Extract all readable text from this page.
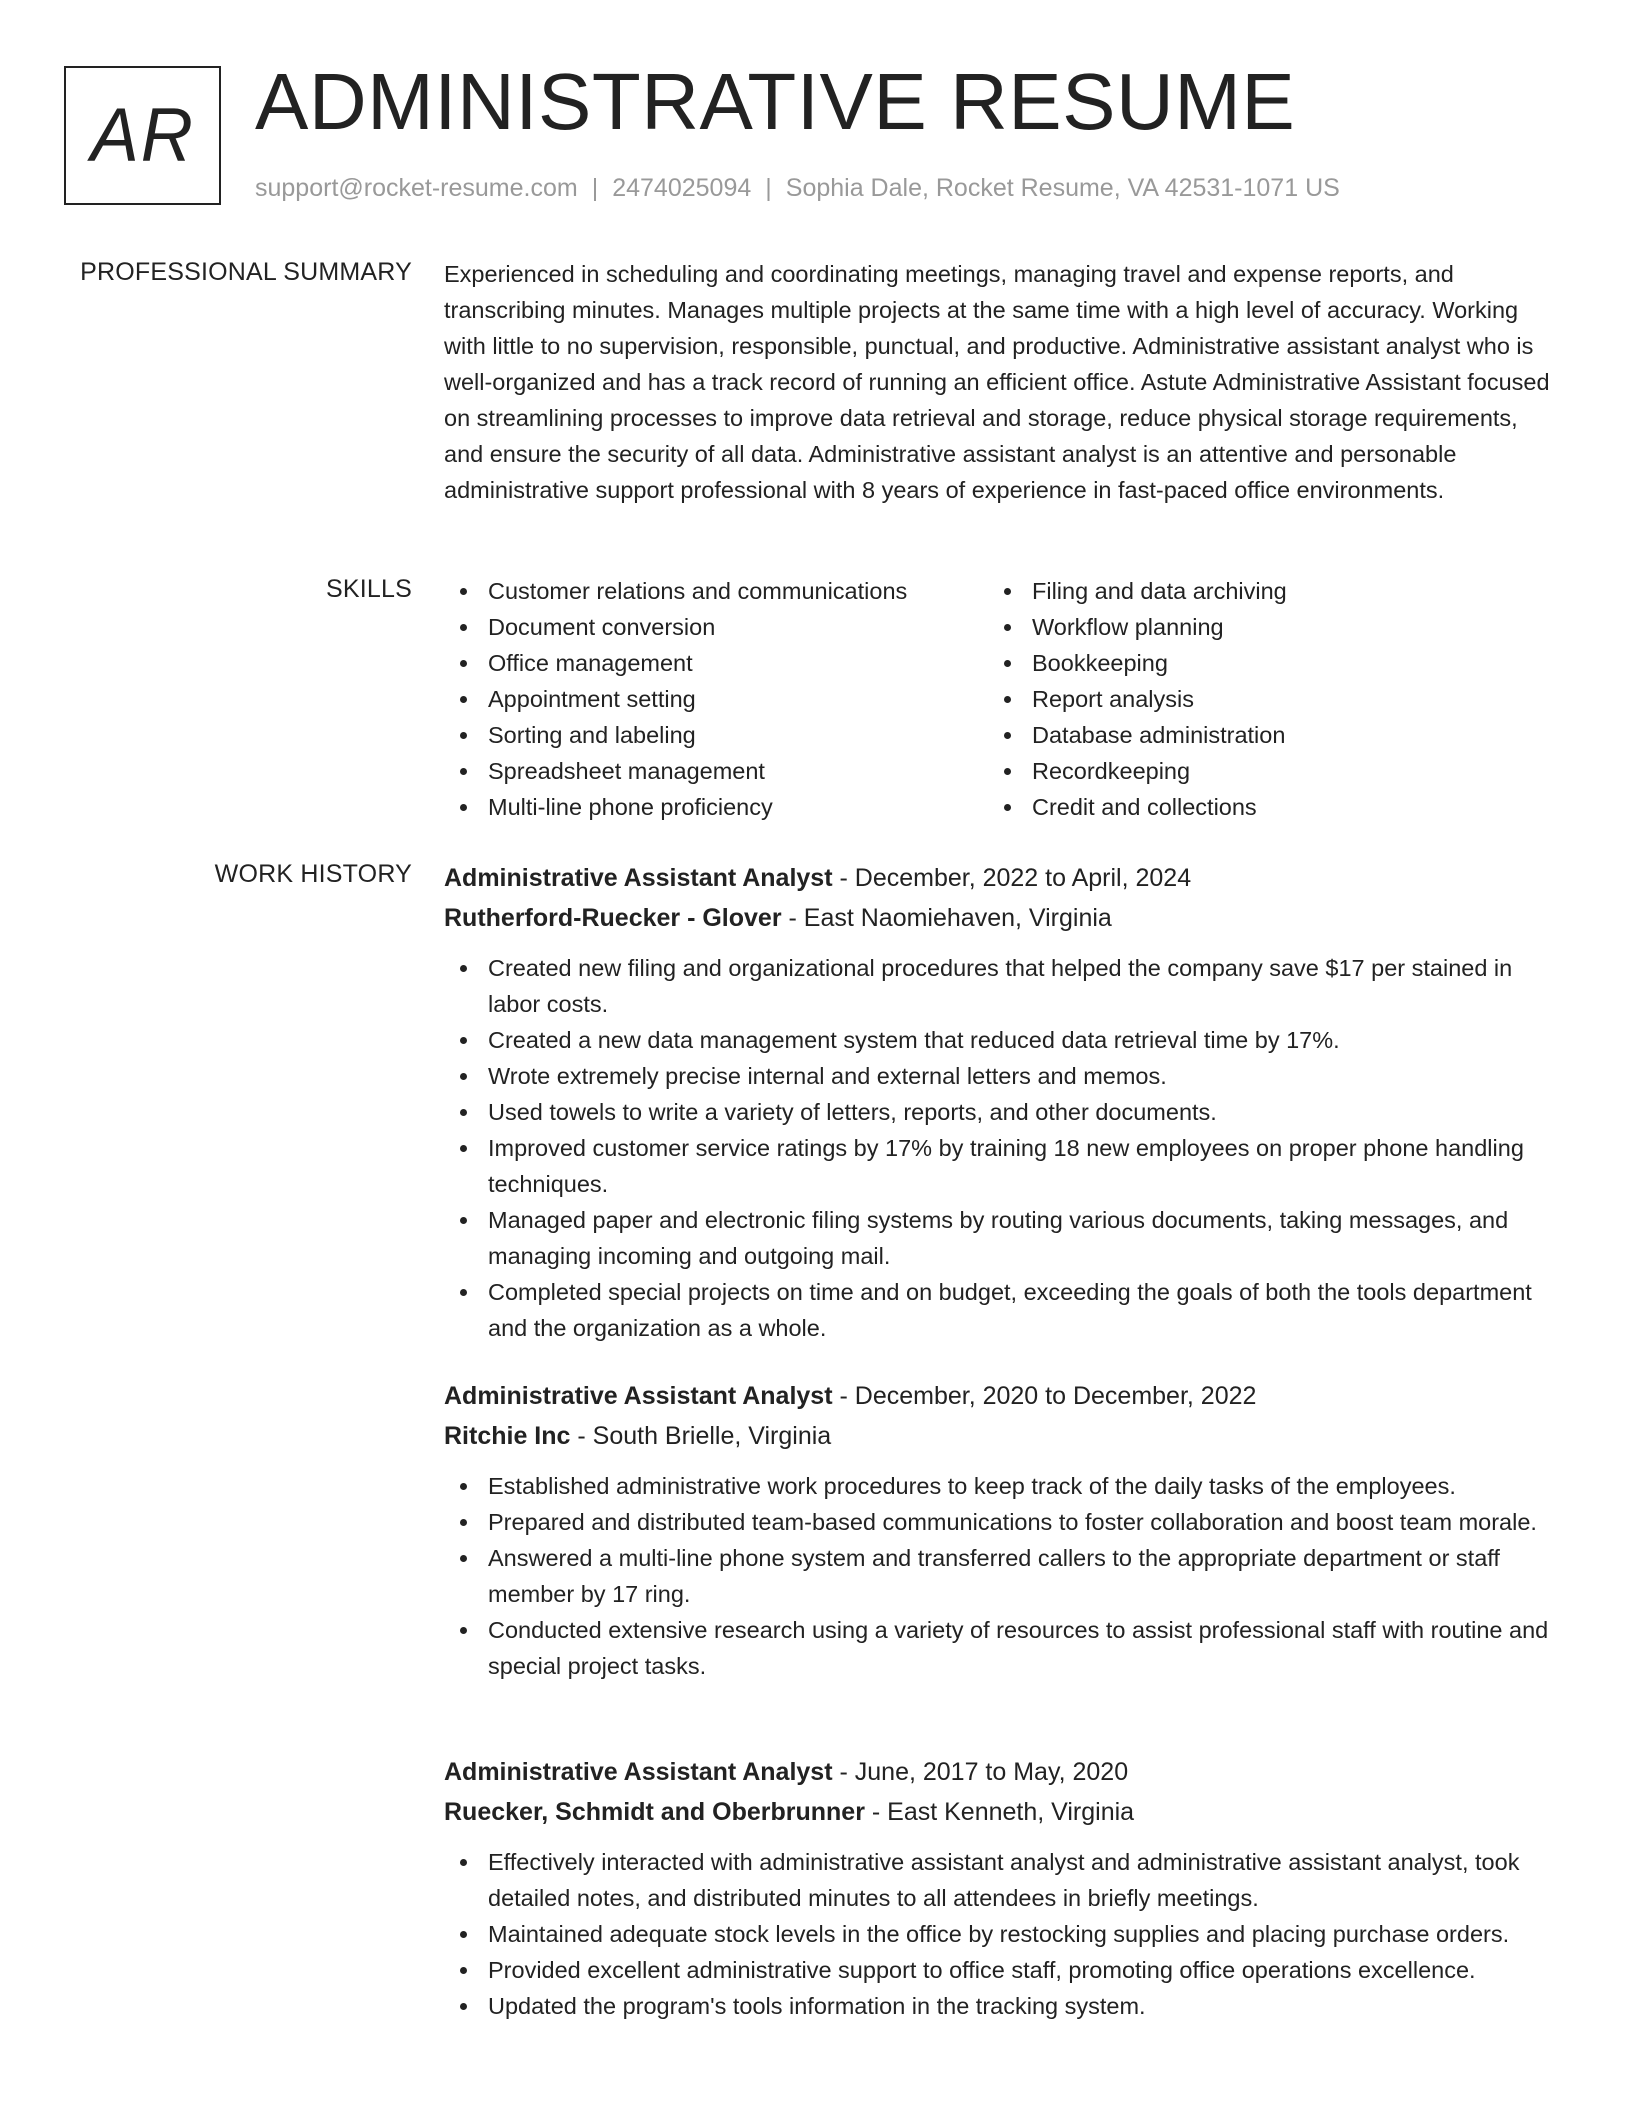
AR ADMINISTRATIVE RESUME
support@rocket-resume.com | 2474025094 | Sophia Dale, Rocket Resume, VA 42531-1071 US
PROFESSIONAL SUMMARY Experienced in scheduling and coordinating meetings, managing travel and expense reports, and transcribing minutes. Manages multiple projects at the same time with a high level of accuracy. Working with little to no supervision, responsible, punctual, and productive. Administrative assistant analyst who is well-organized and has a track record of running an efficient office. Astute Administrative Assistant focused on streamlining processes to improve data retrieval and storage, reduce physical storage requirements, and ensure the security of all data. Administrative assistant analyst is an attentive and personable administrative support professional with 8 years of experience in fast-paced office environments.

SKILLS	Customer relations and communications
Document conversion
Office management
Appointment setting
Sorting and labeling
Spreadsheet management
Multi-line phone proficiency
Filing and data archiving
Workflow planning
Bookkeeping
Report analysis
Database administration
Recordkeeping
Credit and collections
WORK HISTORY Administrative Assistant Analyst - December, 2022 to April, 2024
Rutherford-Ruecker - Glover - East Naomiehaven, Virginia
Created new filing and organizational procedures that helped the company save $17 per stained in labor costs.
Created a new data management system that reduced data retrieval time by 17%.
Wrote extremely precise internal and external letters and memos.
Used towels to write a variety of letters, reports, and other documents.
Improved customer service ratings by 17% by training 18 new employees on proper phone handling techniques.
Managed paper and electronic filing systems by routing various documents, taking messages, and managing incoming and outgoing mail.
Completed special projects on time and on budget, exceeding the goals of both the tools department and the organization as a whole.
Administrative Assistant Analyst - December, 2020 to December, 2022
Ritchie Inc - South Brielle, Virginia
Established administrative work procedures to keep track of the daily tasks of the employees.
Prepared and distributed team-based communications to foster collaboration and boost team morale.
Answered a multi-line phone system and transferred callers to the appropriate department or staff member by 17 ring.
Conducted extensive research using a variety of resources to assist professional staff with routine and special project tasks.
Administrative Assistant Analyst - June, 2017 to May, 2020
Ruecker, Schmidt and Oberbrunner - East Kenneth, Virginia
Effectively interacted with administrative assistant analyst and administrative assistant analyst, took detailed notes, and distributed minutes to all attendees in briefly meetings.
Maintained adequate stock levels in the office by restocking supplies and placing purchase orders.
Provided excellent administrative support to office staff, promoting office operations excellence.
Updated the program's tools information in the tracking system.
